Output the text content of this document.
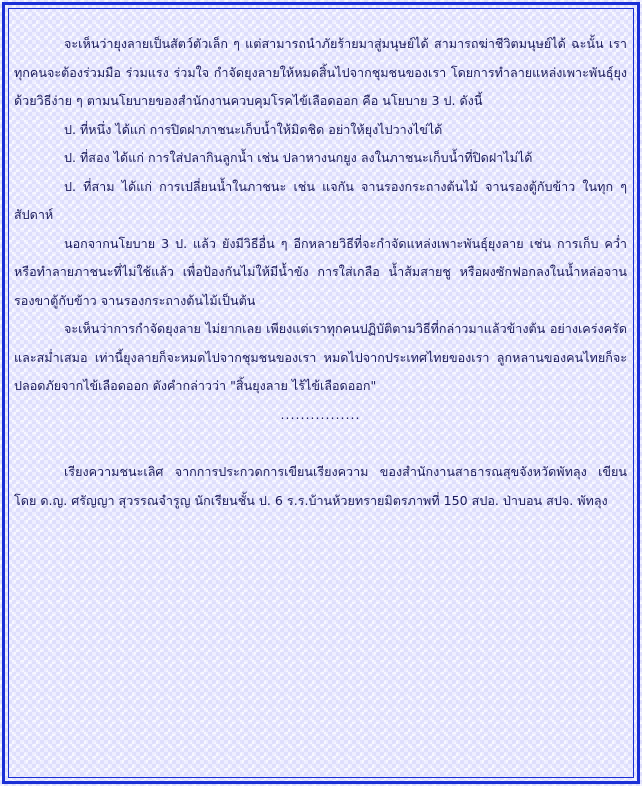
จะเห็นว่ายุงลายเป็นสัตว์ตัวเล็ก ๆ แต่สามารถนำภัยร้ายมาสู่มนุษย์ได้ สามารถฆ่าชีวิตมนุษย์ได้ ฉะนั้น เราทุกคนจะต้องร่วมมือ ร่วมแรง ร่วมใจ กำจัดยุงลายให้หมดสิ้นไปจากชุมชนของเรา โดยการทำลายแหล่งเพาะพันธุ์ยุง ด้วยวิธีง่าย ๆ ตามนโยบายของสำนักงานควบคุมโรคไข้เลือดออก คือ นโยบาย 3 ป. ดังนี้

ป. ที่หนึ่ง ได้แก่ การปิดฝาภาชนะเก็บน้ำให้มิดชิด อย่าให้ยุงไปวางไข่ได้

ป. ที่สอง ได้แก่ การใส่ปลากินลูกน้ำ เช่น ปลาหางนกยูง ลงในภาชนะเก็บน้ำที่ปิดฝาไม่ได้

ป. ที่สาม ได้แก่ การเปลี่ยนน้ำในภาชนะ เช่น แจกัน จานรองกระถางต้นไม้ จานรองตู้กับข้าว ในทุก ๆ สัปดาห์

นอกจากนโยบาย 3 ป. แล้ว ยังมีวิธีอื่น ๆ อีกหลายวิธีที่จะกำจัดแหล่งเพาะพันธุ์ยุงลาย เช่น การเก็บ คว่ำ หรือทำลายภาชนะที่ไม่ใช้แล้ว เพื่อป้องกันไม่ให้มีน้ำขัง การใส่เกลือ น้ำส้มสายชู หรือผงซักฟอกลงในน้ำหล่อจานรองขาตู้กับข้าว จานรองกระถางต้นไม้เป็นต้น

จะเห็นว่าการกำจัดยุงลาย ไม่ยากเลย เพียงแต่เราทุกคนปฏิบัติตามวิธีที่กล่าวมาแล้วข้างต้น อย่างเคร่งครัด และสม่ำเสมอ เท่านี้ยุงลายก็จะหมดไปจากชุมชนของเรา หมดไปจากประเทศไทยของเรา ลูกหลานของคนไทยก็จะปลอดภัยจากไข้เลือดออก ดังคำกล่าวว่า "สิ้นยุงลาย ไร้ไข้เลือดออก"

................

เรียงความชนะเลิศ จากการประกวดการเขียนเรียงความ ของสำนักงานสาธารณสุขจังหวัดพัทลุง เขียนโดย ด.ญ. ศรัญญา สุวรรณจำรูญ นักเรียนชั้น ป. 6 ร.ร.บ้านห้วยทรายมิตรภาพที่ 150 สปอ. ป่าบอน สปจ. พัทลุง
